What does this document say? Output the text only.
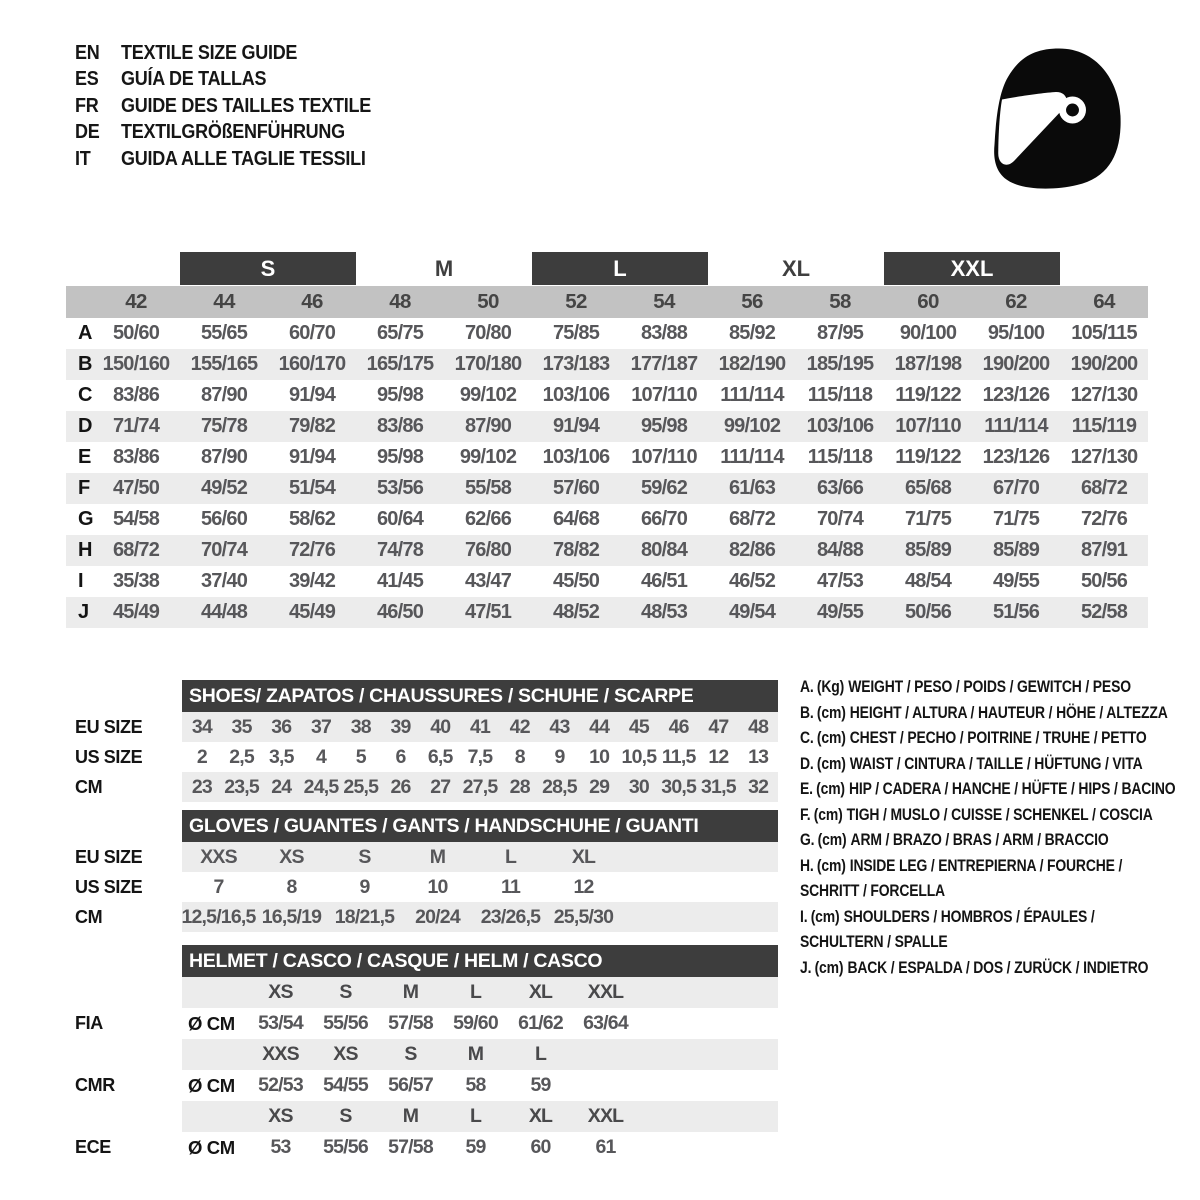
EN	TEXTILE SIZE GUIDE
ES	GUÍA DE TALLAS
FR	GUIDE DES TAILLES TEXTILE
DE	TEXTILGRÖßENFÜHRUNG
IT	GUIDA ALLE TAGLIE TESSILI
S	M	L	XL	XXL
42	44	46	48	50	52	54	56	58	60	62	64
A	50/60	55/65	60/70	65/75	70/80	75/85	83/88	85/92	87/95	90/100	95/100	105/115
B 150/160	155/165	160/170	165/175	170/180	173/183	177/187	182/190	185/195	187/198	190/200	190/200
C	83/86	87/90	91/94	95/98	99/102	103/106	107/110	111/114	115/118	119/122	123/126	127/130
D	71/74	75/78	79/82	83/86	87/90	91/94	95/98	99/102	103/106	107/110	111/114	115/119
E	83/86	87/90	91/94	95/98	99/102	103/106	107/110	111/114	115/118	119/122	123/126	127/130
F	47/50	49/52	51/54	53/56	55/58	57/60	59/62	61/63	63/66	65/68	67/70	68/72
G 54/58	56/60	58/62	60/64	62/66	64/68	66/70	68/72	70/74	71/75	71/75	72/76
H	68/72	70/74	72/76	74/78	76/80	78/82	80/84	82/86	84/88	85/89	85/89	87/91
I	35/38	37/40	39/42	41/45	43/47	45/50	46/51	46/52	47/53	48/54	49/55	50/56
J	45/49	44/48	45/49	46/50	47/51	48/52	48/53	49/54	49/55	50/56	51/56	52/58
SHOES/ ZAPATOS / CHAUSSURES / SCHUHE / SCARPE
EU SIZE	34	35	36	37	38	39	40	41	42	43	44	45	46	47	48
US SIZE	2	2,5 3,5	4	5	6	6,5 7,5	8	9	10 10,5 11,5 12	13
CM	23 23,5 24 24,5 25,5 26	27 27,5 28 28,5 29	30 30,5 31,5 32
GLOVES / GUANTES / GANTS / HANDSCHUHE / GUANTI
EU SIZE	XXS	XS	S	M	L	XL
US SIZE	7	8	9	10	11	12
CM	12,5/16,5 16,5/19 18/21,5	20/24	23/26,5 25,5/30
HELMET / CASCO / CASQUE / HELM / CASCO
XS	S	M	L	XL	XXL
FIA	Ø CM	53/54	55/56	57/58	59/60	61/62	63/64
XXS	XS	S	M	L
CMR	Ø CM	52/53	54/55	56/57	58	59
XS	S	M	L	XL	XXL
ECE	Ø CM	53	55/56	57/58	59	60	61
A. (Kg) WEIGHT / PESO / POIDS / GEWITCH / PESO
B. (cm) HEIGHT / ALTURA / HAUTEUR / HÖHE / ALTEZZA
C. (cm) CHEST / PECHO / POITRINE / TRUHE / PETTO
D. (cm) WAIST / CINTURA / TAILLE / HÜFTUNG / VITA
E. (cm) HIP / CADERA / HANCHE / HÜFTE / HIPS / BACINO
F. (cm) TIGH / MUSLO / CUISSE / SCHENKEL / COSCIA
G. (cm) ARM / BRAZO / BRAS / ARM / BRACCIO
H. (cm) INSIDE LEG / ENTREPIERNA / FOURCHE /
SCHRITT / FORCELLA
I. (cm) SHOULDERS / HOMBROS / ÉPAULES /
SCHULTERN / SPALLE
J. (cm) BACK / ESPALDA / DOS / ZURÜCK / INDIETRO
